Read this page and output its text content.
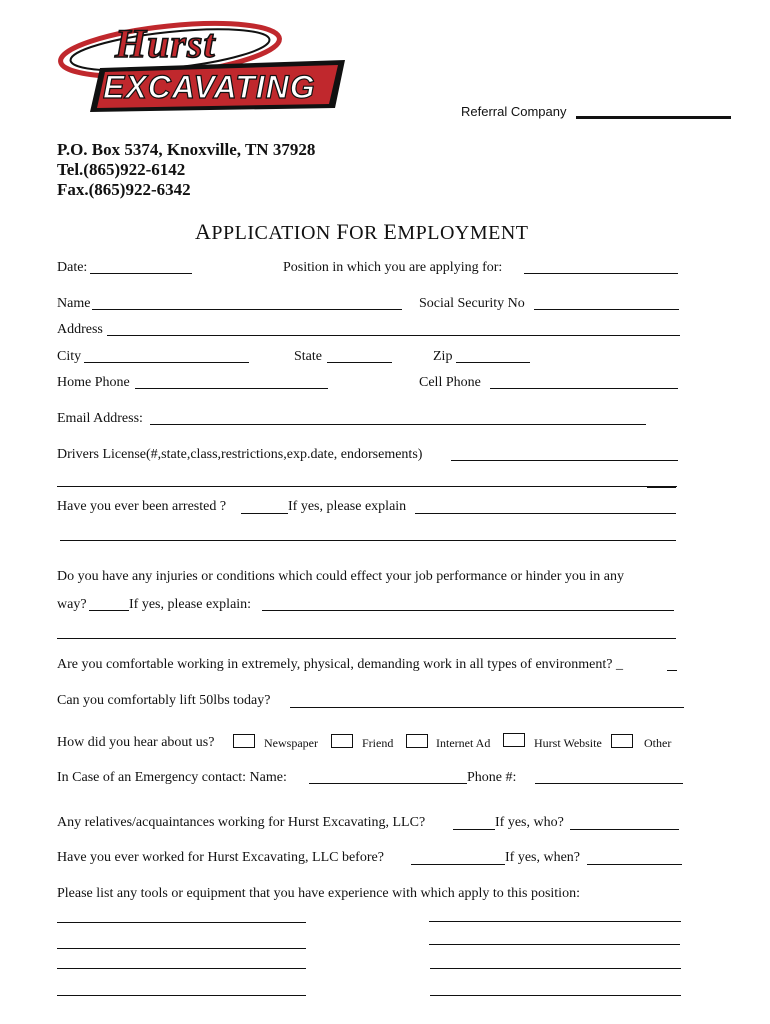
Hurst
EXCAVATING
Referral Company
P.O. Box 5374, Knoxville, TN 37928
Tel.(865)922-6142
Fax.(865)922-6342
APPLICATION FOR EMPLOYMENT
Date:	Position in which you are applying for:
Name	Social Security No
Address
City	State	Zip
Home Phone	Cell Phone
Email Address:
Drivers License(#,state,class,restrictions,exp.date, endorsements)
Have you ever been arrested ?	If yes, please explain
Do you have any injuries or conditions which could effect your job performance or hinder you in any
way?	If yes, please explain:
Are you comfortable working in extremely, physical, demanding work in all types of environment? _
Can you comfortably lift 50lbs today?
How did you hear about us?	Newspaper	Friend	Internet Ad	Hurst Website	Other
In Case of an Emergency contact: Name:	Phone #:
Any relatives/acquaintances working for Hurst Excavating, LLC?	If yes, who?
Have you ever worked for Hurst Excavating, LLC before?	If yes, when?
Please list any tools or equipment that you have experience with which apply to this position:
